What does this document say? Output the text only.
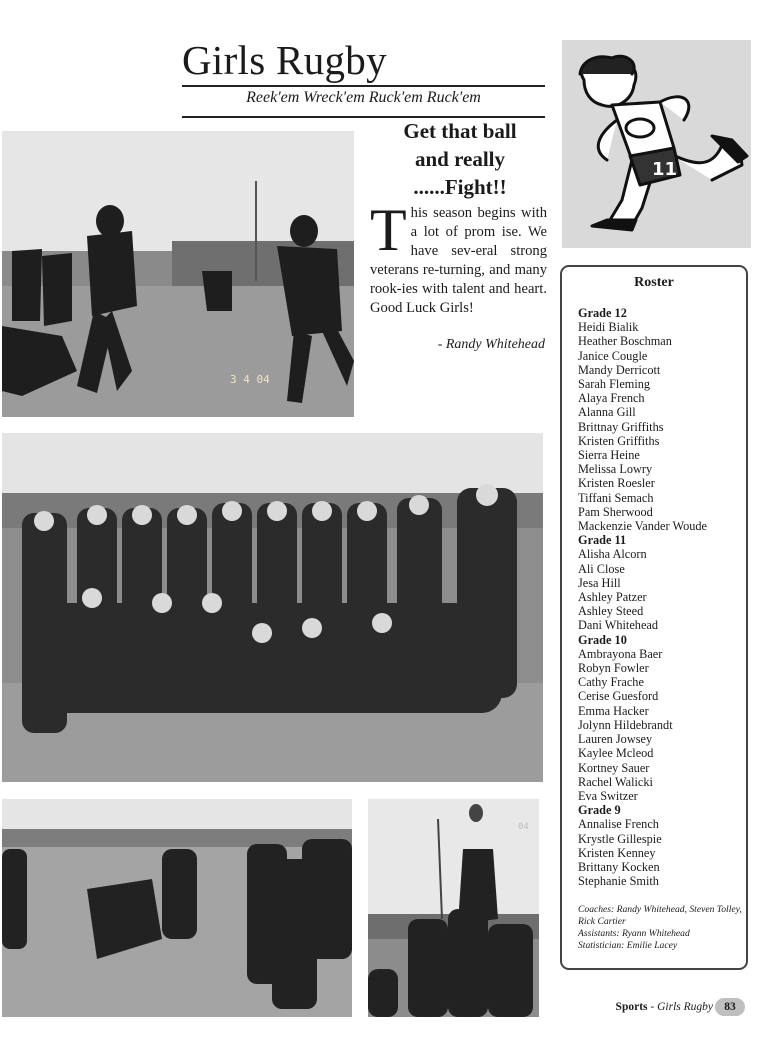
Girls Rugby
Reek'em Wreck'em Ruck'em Ruck'em
Get that ball
and really
......Fight!!
This season begins with a lot of prom ise. We have sev-eral strong veterans re-turning, and many rook-ies with talent and heart. Good Luck Girls!
- Randy Whitehead
11
3 4 04
04
Roster
Grade 12
Heidi Bialik
Heather Boschman
Janice Cougle
Mandy Derricott
Sarah Fleming
Alaya French
Alanna Gill
Brittnay Griffiths
Kristen Griffiths
Sierra Heine
Melissa Lowry
Kristen Roesler
Tiffani Semach
Pam Sherwood
Mackenzie Vander Woude
Grade 11
Alisha Alcorn
Ali Close
Jesa Hill
Ashley Patzer
Ashley Steed
Dani Whitehead
Grade 10
Ambrayona Baer
Robyn Fowler
Cathy Frache
Cerise Guesford
Emma Hacker
Jolynn Hildebrandt
Lauren Jowsey
Kaylee Mcleod
Kortney Sauer
Rachel Walicki
Eva Switzer
Grade 9
Annalise French
Krystle Gillespie
Kristen Kenney
Brittany Kocken
Stephanie Smith
Coaches: Randy Whitehead, Steven Tolley, Rick Cartier
Assistants: Ryann Whitehead
Statistician: Emilie Lacey
Sports - Girls Rugby 83
